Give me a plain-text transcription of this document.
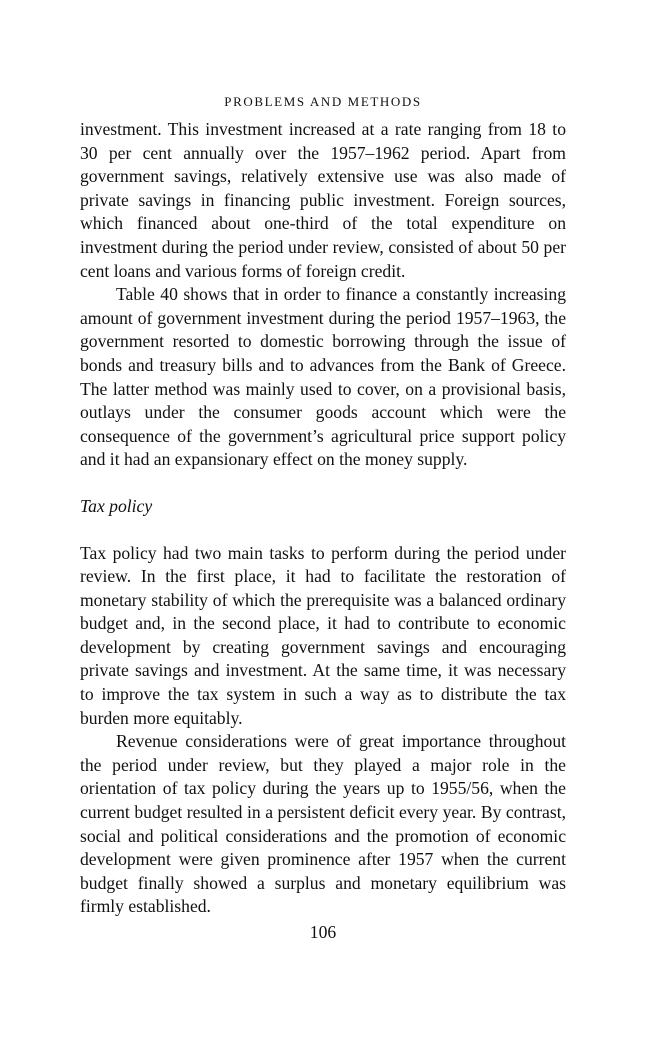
PROBLEMS AND METHODS

investment. This investment increased at a rate ranging from 18 to 30 per cent annually over the 1957–1962 period. Apart from government savings, relatively extensive use was also made of private savings in financing public investment. Foreign sources, which financed about one-third of the total expenditure on investment during the period under review, consisted of about 50 per cent loans and various forms of foreign credit.

Table 40 shows that in order to finance a constantly increasing amount of government investment during the period 1957–1963, the government resorted to domestic borrowing through the issue of bonds and treasury bills and to advances from the Bank of Greece. The latter method was mainly used to cover, on a provisional basis, outlays under the consumer goods account which were the consequence of the government’s agricultural price support policy and it had an expansionary effect on the money supply.

Tax policy

Tax policy had two main tasks to perform during the period under review. In the first place, it had to facilitate the restoration of monetary stability of which the prerequisite was a balanced ordinary budget and, in the second place, it had to contribute to economic development by creating government savings and encouraging private savings and investment. At the same time, it was necessary to improve the tax system in such a way as to distribute the tax burden more equitably.

Revenue considerations were of great importance throughout the period under review, but they played a major role in the orientation of tax policy during the years up to 1955/56, when the current budget resulted in a persistent deficit every year. By contrast, social and political considerations and the promotion of economic development were given prominence after 1957 when the current budget finally showed a surplus and monetary equilibrium was firmly established.

106
